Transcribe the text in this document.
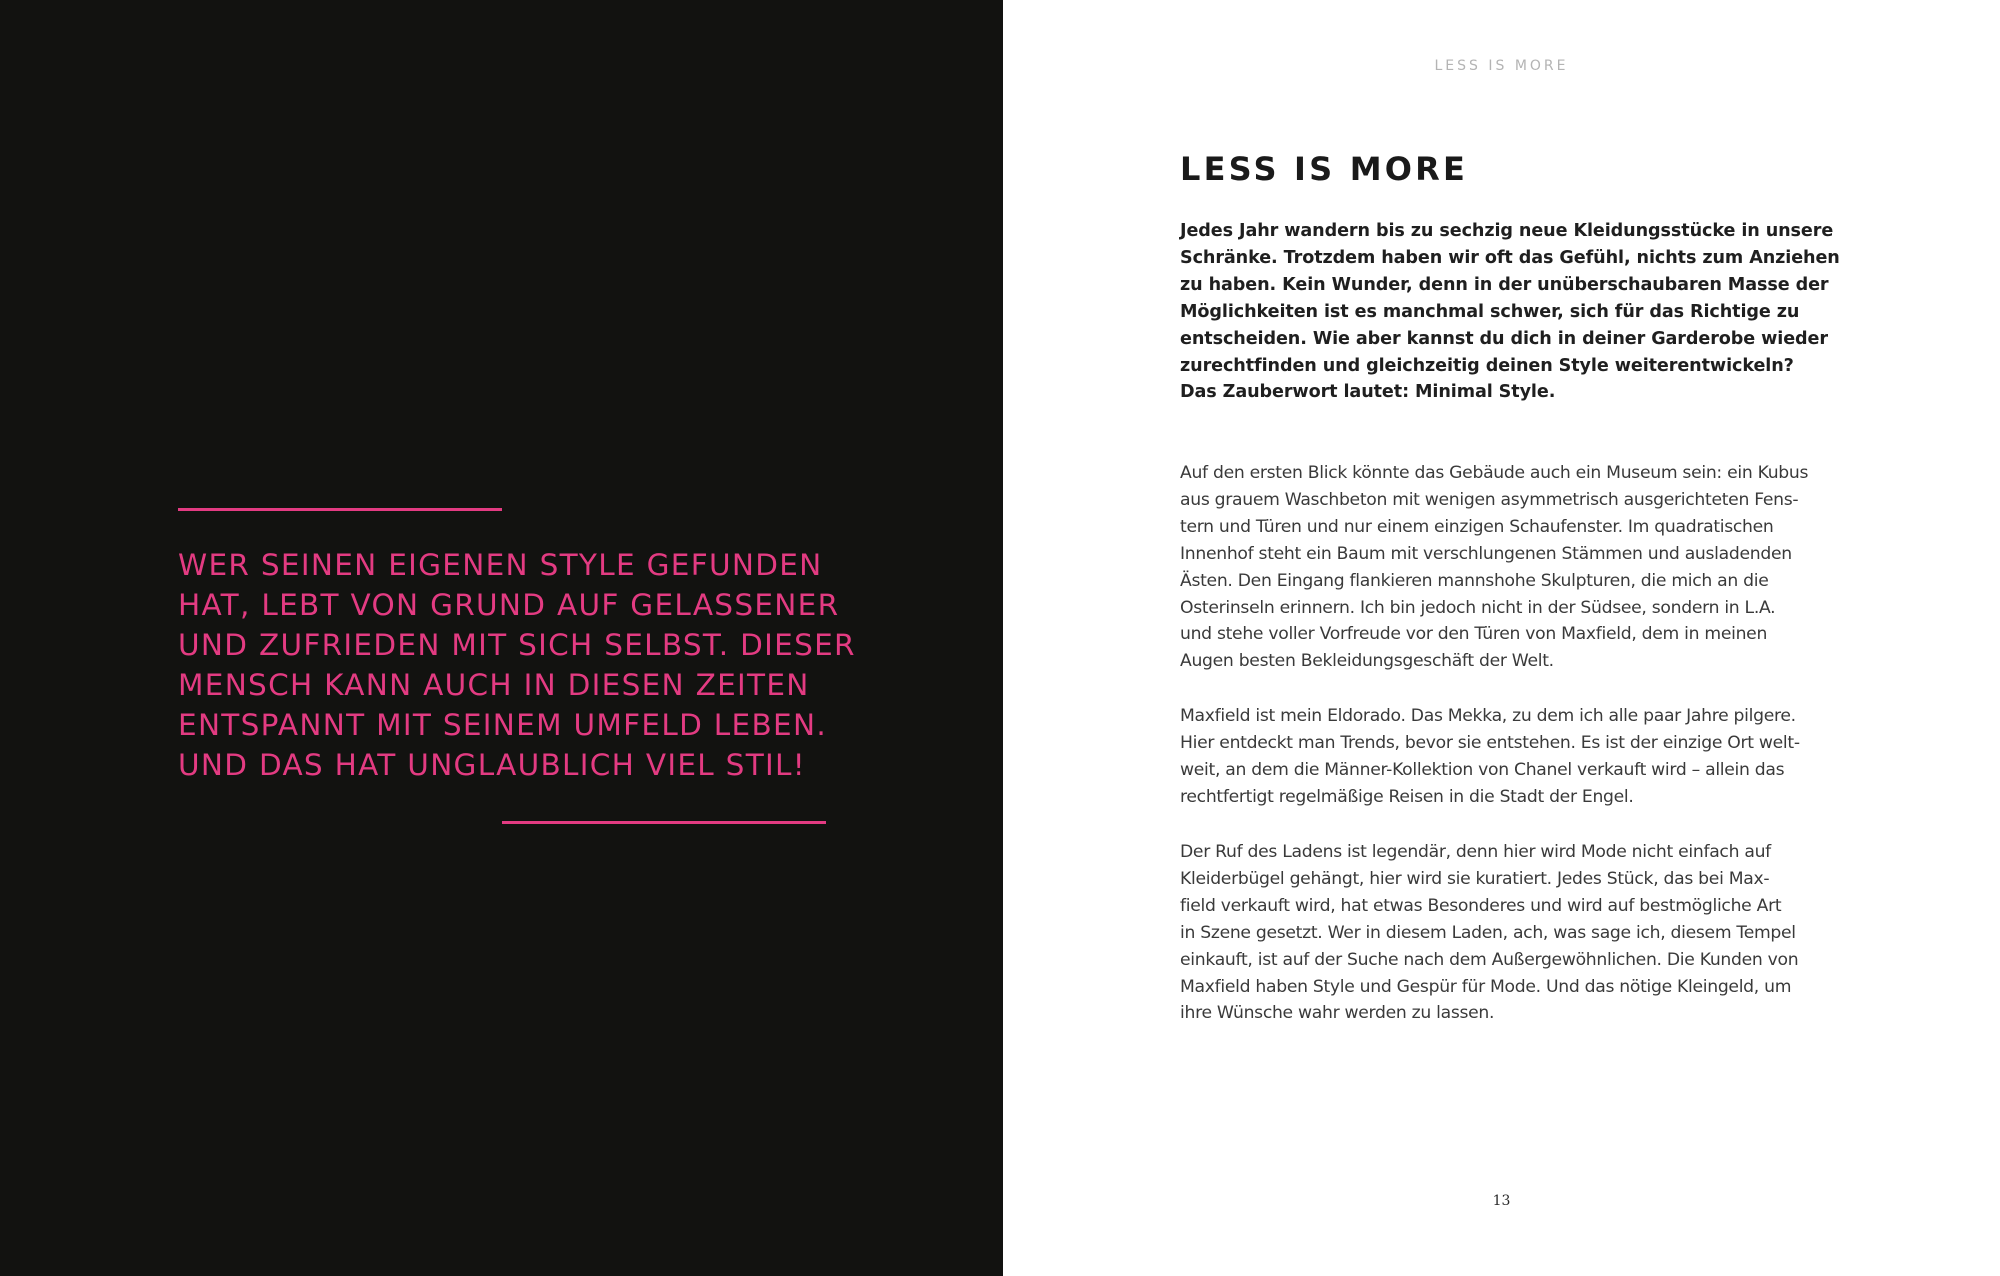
WER SEINEN EIGENEN STYLE GEFUNDEN
HAT, LEBT VON GRUND AUF GELASSENER
UND ZUFRIEDEN MIT SICH SELBST. DIESER
MENSCH KANN AUCH IN DIESEN ZEITEN
ENTSPANNT MIT SEINEM UMFELD LEBEN.
UND DAS HAT UNGLAUBLICH VIEL STIL!

LESS IS MORE
LESS IS MORE

Jedes Jahr wandern bis zu sechzig neue Kleidungsstücke in unsere
Schränke. Trotzdem haben wir oft das Gefühl, nichts zum Anziehen
zu haben. Kein Wunder, denn in der unüberschaubaren Masse der
Möglichkeiten ist es manchmal schwer, sich für das Richtige zu
entscheiden. Wie aber kannst du dich in deiner Garderobe wieder
zurechtfinden und gleichzeitig deinen Style weiterentwickeln?
Das Zauberwort lautet: Minimal Style.

Auf den ersten Blick könnte das Gebäude auch ein Museum sein: ein Kubus
aus grauem Waschbeton mit wenigen asymmetrisch ausgerichteten Fens-
tern und Türen und nur einem einzigen Schaufenster. Im quadratischen
Innenhof steht ein Baum mit verschlungenen Stämmen und ausladenden
Ästen. Den Eingang flankieren mannshohe Skulpturen, die mich an die
Osterinseln erinnern. Ich bin jedoch nicht in der Südsee, sondern in L.A.
und stehe voller Vorfreude vor den Türen von Maxfield, dem in meinen
Augen besten Bekleidungsgeschäft der Welt.

Maxfield ist mein Eldorado. Das Mekka, zu dem ich alle paar Jahre pilgere.
Hier entdeckt man Trends, bevor sie entstehen. Es ist der einzige Ort welt-
weit, an dem die Männer-Kollektion von Chanel verkauft wird – allein das
rechtfertigt regelmäßige Reisen in die Stadt der Engel.

Der Ruf des Ladens ist legendär, denn hier wird Mode nicht einfach auf
Kleiderbügel gehängt, hier wird sie kuratiert. Jedes Stück, das bei Max-
field verkauft wird, hat etwas Besonderes und wird auf bestmögliche Art
in Szene gesetzt. Wer in diesem Laden, ach, was sage ich, diesem Tempel
einkauft, ist auf der Suche nach dem Außergewöhnlichen. Die Kunden von
Maxfield haben Style und Gespür für Mode. Und das nötige Kleingeld, um
ihre Wünsche wahr werden zu lassen.

13
